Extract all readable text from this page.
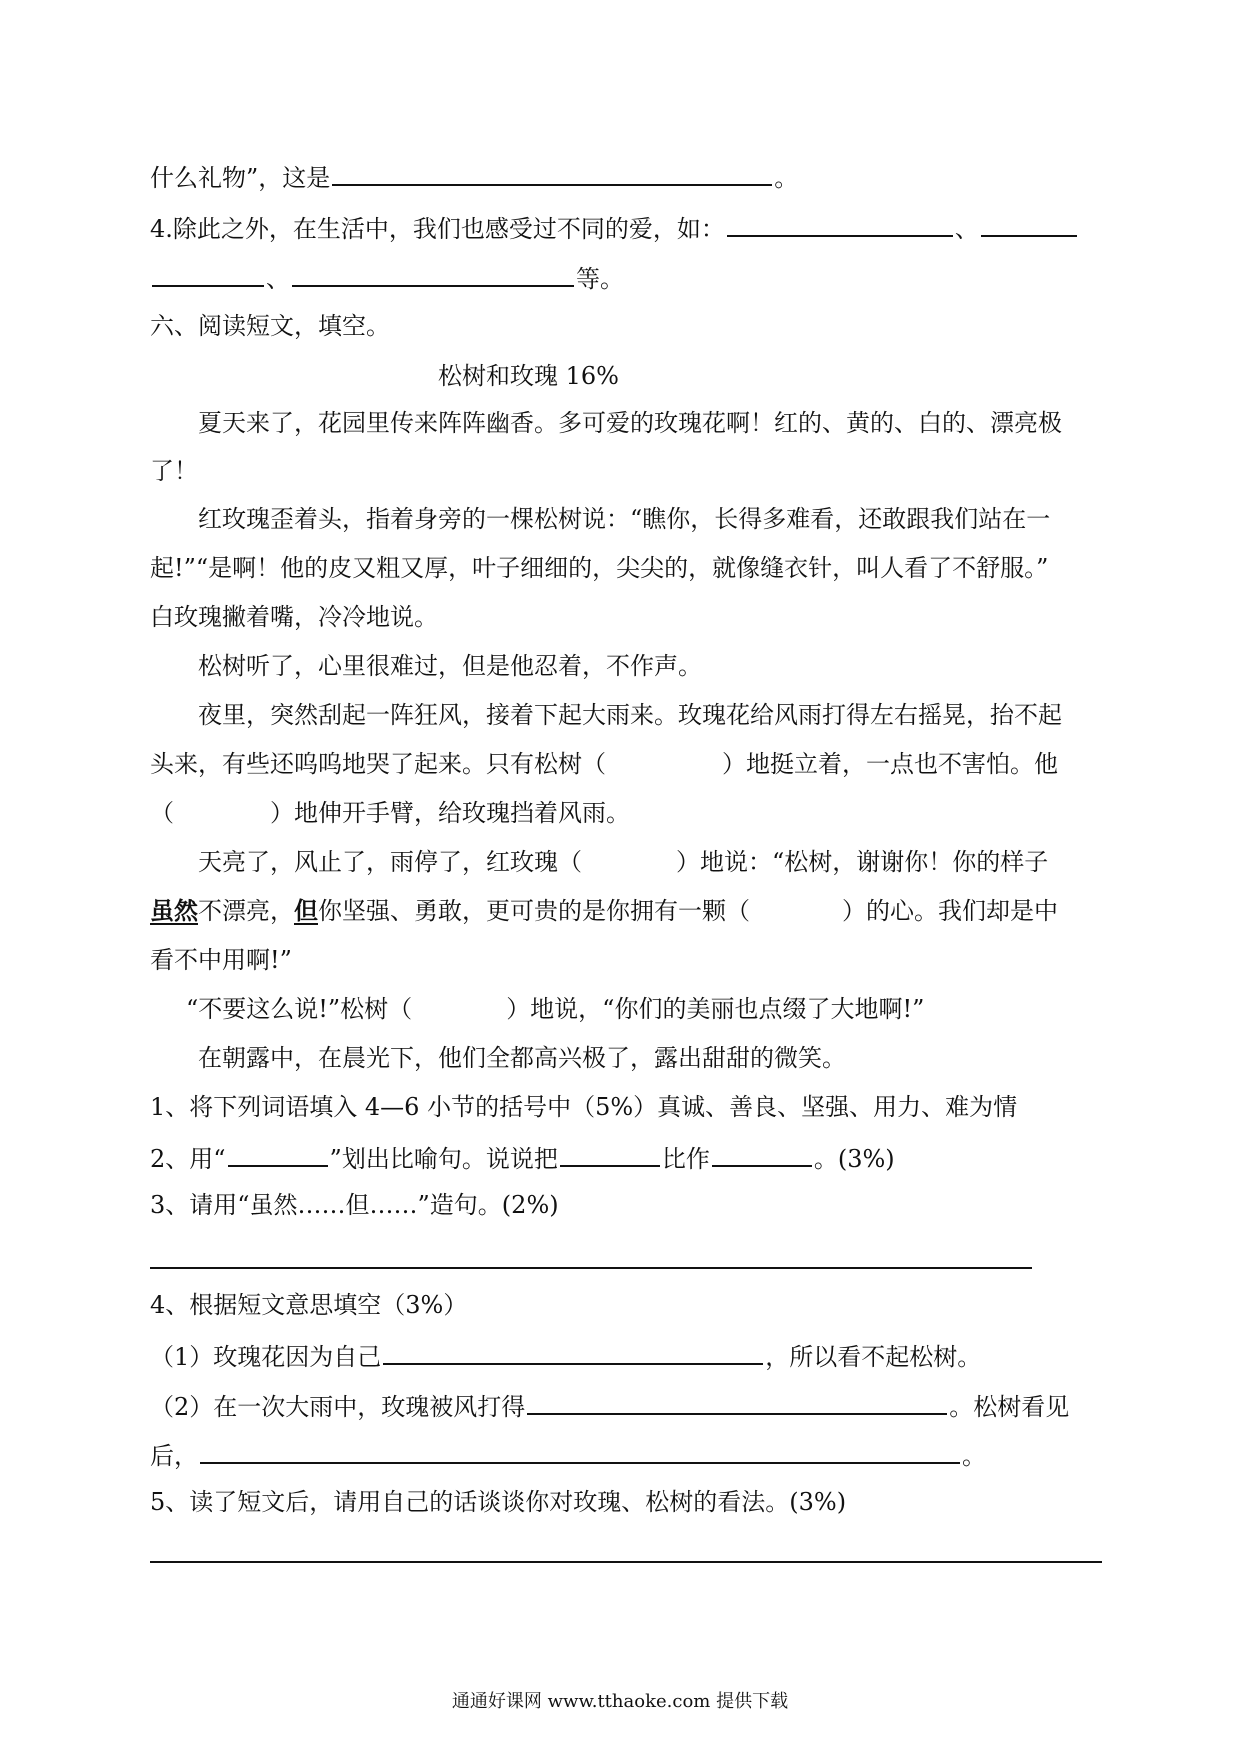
什么礼物”，这是	。
4.除此之外，在生活中，我们也感受过不同的爱，如：	、
、	等。
六、阅读短文，填空。
松树和玫瑰 16%
夏天来了，花园里传来阵阵幽香。多可爱的玫瑰花啊！红的、黄的、白的、漂亮极
了！
红玫瑰歪着头，指着身旁的一棵松树说：“瞧你，长得多难看，还敢跟我们站在一
起!”“是啊！他的皮又粗又厚，叶子细细的，尖尖的，就像缝衣针，叫人看了不舒服。”
白玫瑰撇着嘴，冷冷地说。
松树听了，心里很难过，但是他忍着，不作声。
夜里，突然刮起一阵狂风，接着下起大雨来。玫瑰花给风雨打得左右摇晃，抬不起
头来，有些还呜呜地哭了起来。只有松树（	）地挺立着，一点也不害怕。他
（	）地伸开手臂，给玫瑰挡着风雨。
天亮了，风止了，雨停了，红玫瑰（	）地说：“松树，谢谢你！你的样子
虽然不漂亮，但你坚强、勇敢，更可贵的是你拥有一颗（	）的心。我们却是中
看不中用啊!”
“不要这么说!”松树（	）地说，“你们的美丽也点缀了大地啊!”
在朝露中，在晨光下，他们全都高兴极了，露出甜甜的微笑。
1、将下列词语填入 4—6 小节的括号中（5%）真诚、善良、坚强、用力、难为情
2、用“	”划出比喻句。说说把	比作	。(3%)
3、请用“虽然……但……”造句。(2%)
4、根据短文意思填空（3%）
（1）玫瑰花因为自己	，所以看不起松树。
（2）在一次大雨中，玫瑰被风打得	。松树看见
后，	。
5、读了短文后，请用自己的话谈谈你对玫瑰、松树的看法。(3%)
通通好课网 www.tthaoke.com 提供下载
